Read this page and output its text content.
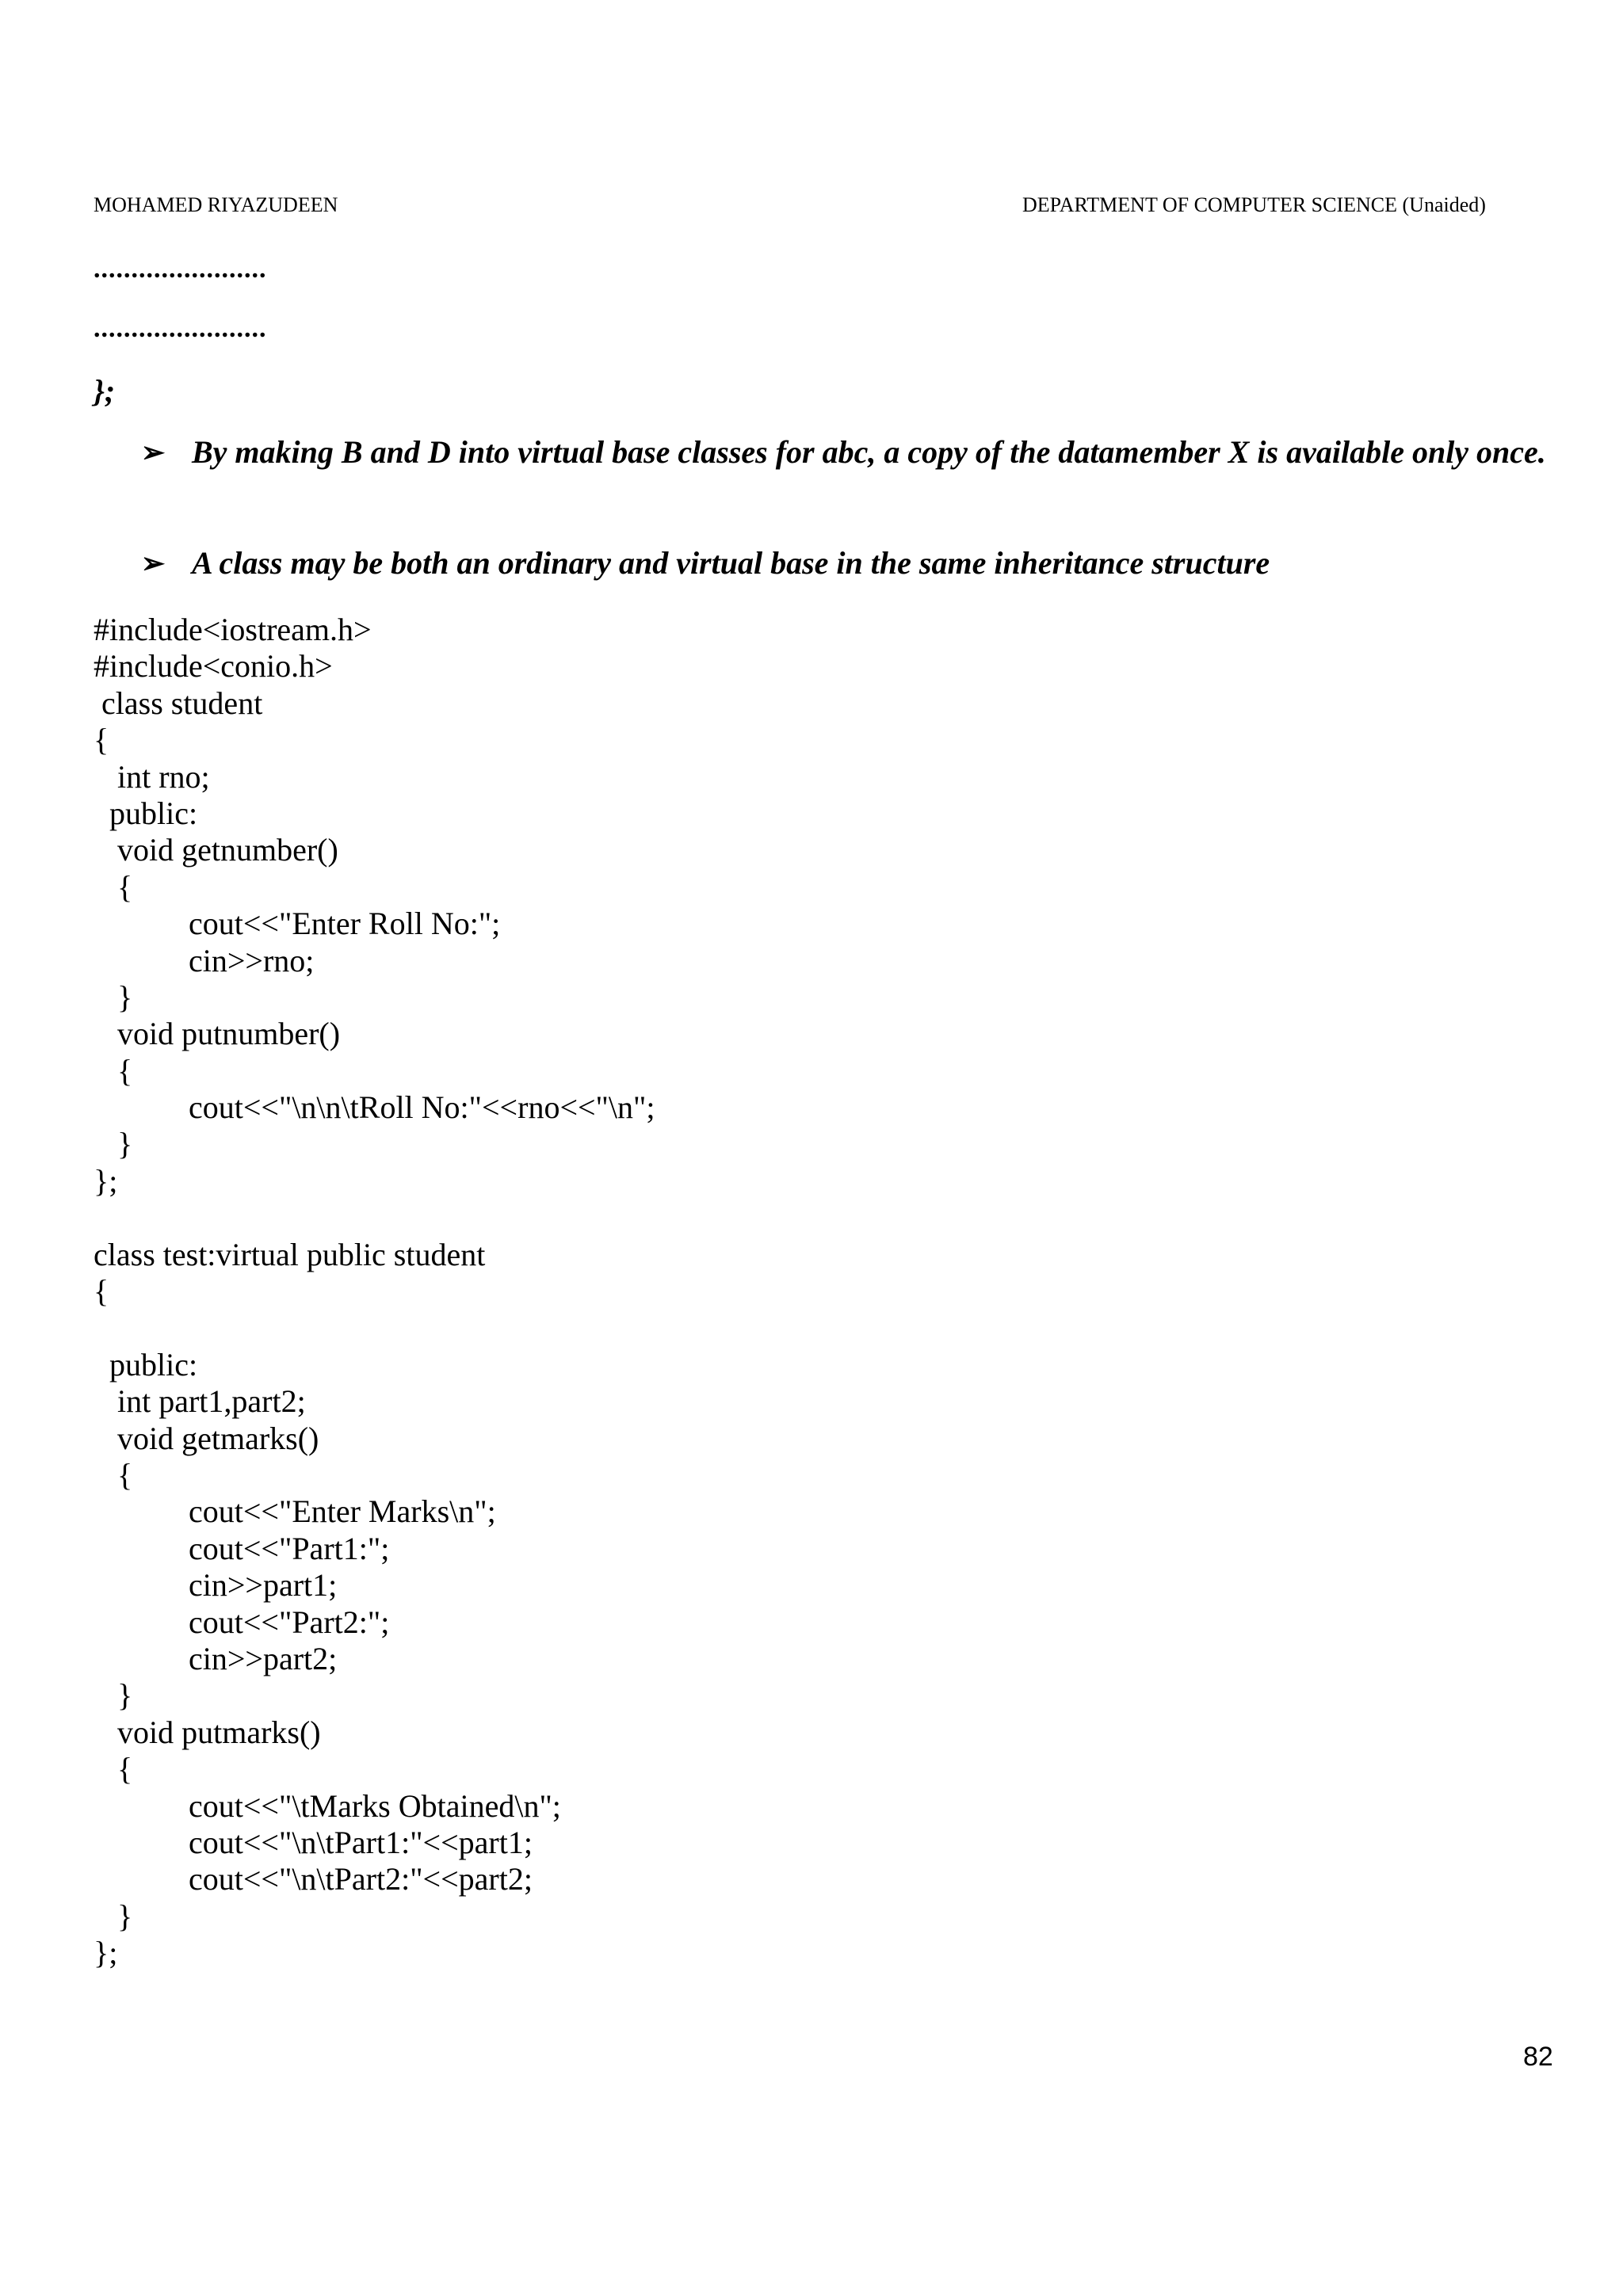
MOHAMED RIYAZUDEEN	DEPARTMENT OF COMPUTER SCIENCE (Unaided)
.......................
.......................
};
➢ By making B and D into virtual base classes for abc, a copy of the datamember X is available only once.
➢ A class may be both an ordinary and virtual base in the same inheritance structure
#include<iostream.h>
#include<conio.h>
class student
{
int rno;
public:
void getnumber()
{
cout<<"Enter Roll No:";
cin>>rno;
}
void putnumber()
{
cout<<"\n\n\tRoll No:"<<rno<<"\n";
}
};
class test:virtual public student
{
public:
int part1,part2;
void getmarks()
{
cout<<"Enter Marks\n";
cout<<"Part1:";
cin>>part1;
cout<<"Part2:";
cin>>part2;
}
void putmarks()
{
cout<<"\tMarks Obtained\n";
cout<<"\n\tPart1:"<<part1;
cout<<"\n\tPart2:"<<part2;
}
};
82
